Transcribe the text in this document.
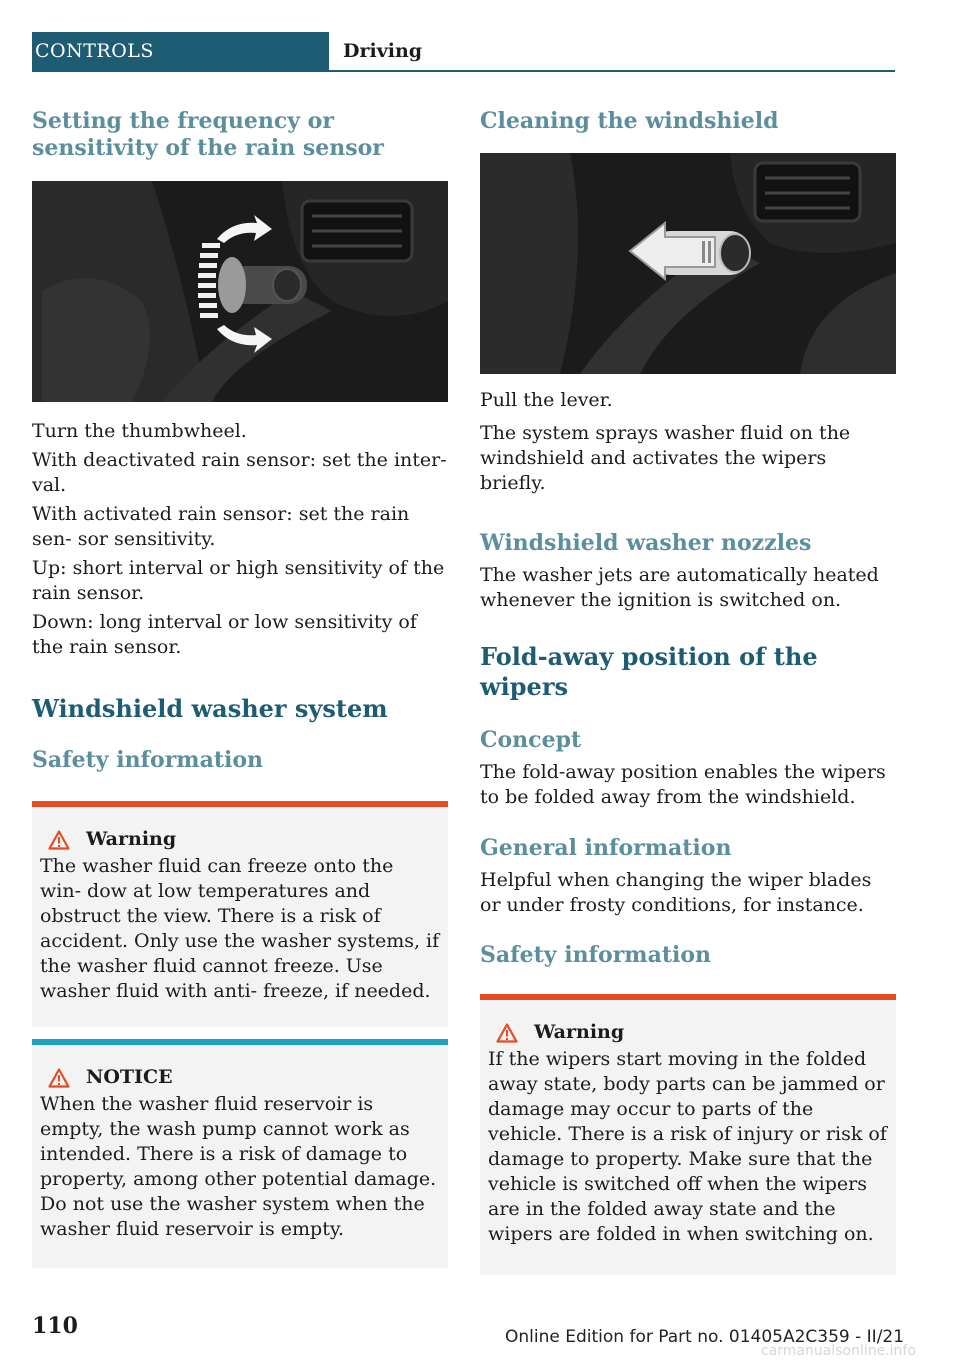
CONTROLS	Driving
Setting the frequency or sensitivity of the rain sensor

Turn the thumbwheel.

With deactivated rain sensor: set the inter‐ val.

With activated rain sensor: set the rain sen‐ sor sensitivity.

Up: short interval or high sensitivity of the rain sensor.

Down: long interval or low sensitivity of the rain sensor.

Windshield washer system
Safety information
Warning

The washer fluid can freeze onto the win‐ dow at low temperatures and obstruct the view. There is a risk of accident. Only use the washer systems, if the washer fluid cannot freeze. Use washer fluid with anti‐ freeze, if needed.

NOTICE

When the washer fluid reservoir is empty, the wash pump cannot work as intended. There is a risk of damage to property, among other potential damage. Do not use the washer system when the washer fluid reservoir is empty.

Cleaning the windshield

Pull the lever.

The system sprays washer fluid on the windshield and activates the wipers briefly.

Windshield washer nozzles

The washer jets are automatically heated whenever the ignition is switched on.

Fold-away position of the wipers
Concept

The fold-away position enables the wipers to be folded away from the windshield.

General information

Helpful when changing the wiper blades or under frosty conditions, for instance.

Safety information
Warning

If the wipers start moving in the folded away state, body parts can be jammed or damage may occur to parts of the vehicle. There is a risk of injury or risk of damage to property. Make sure that the vehicle is switched off when the wipers are in the folded away state and the wipers are folded in when switching on.

110	Online Edition for Part no. 01405A2C359 - II/21
carmanualsonline.info
